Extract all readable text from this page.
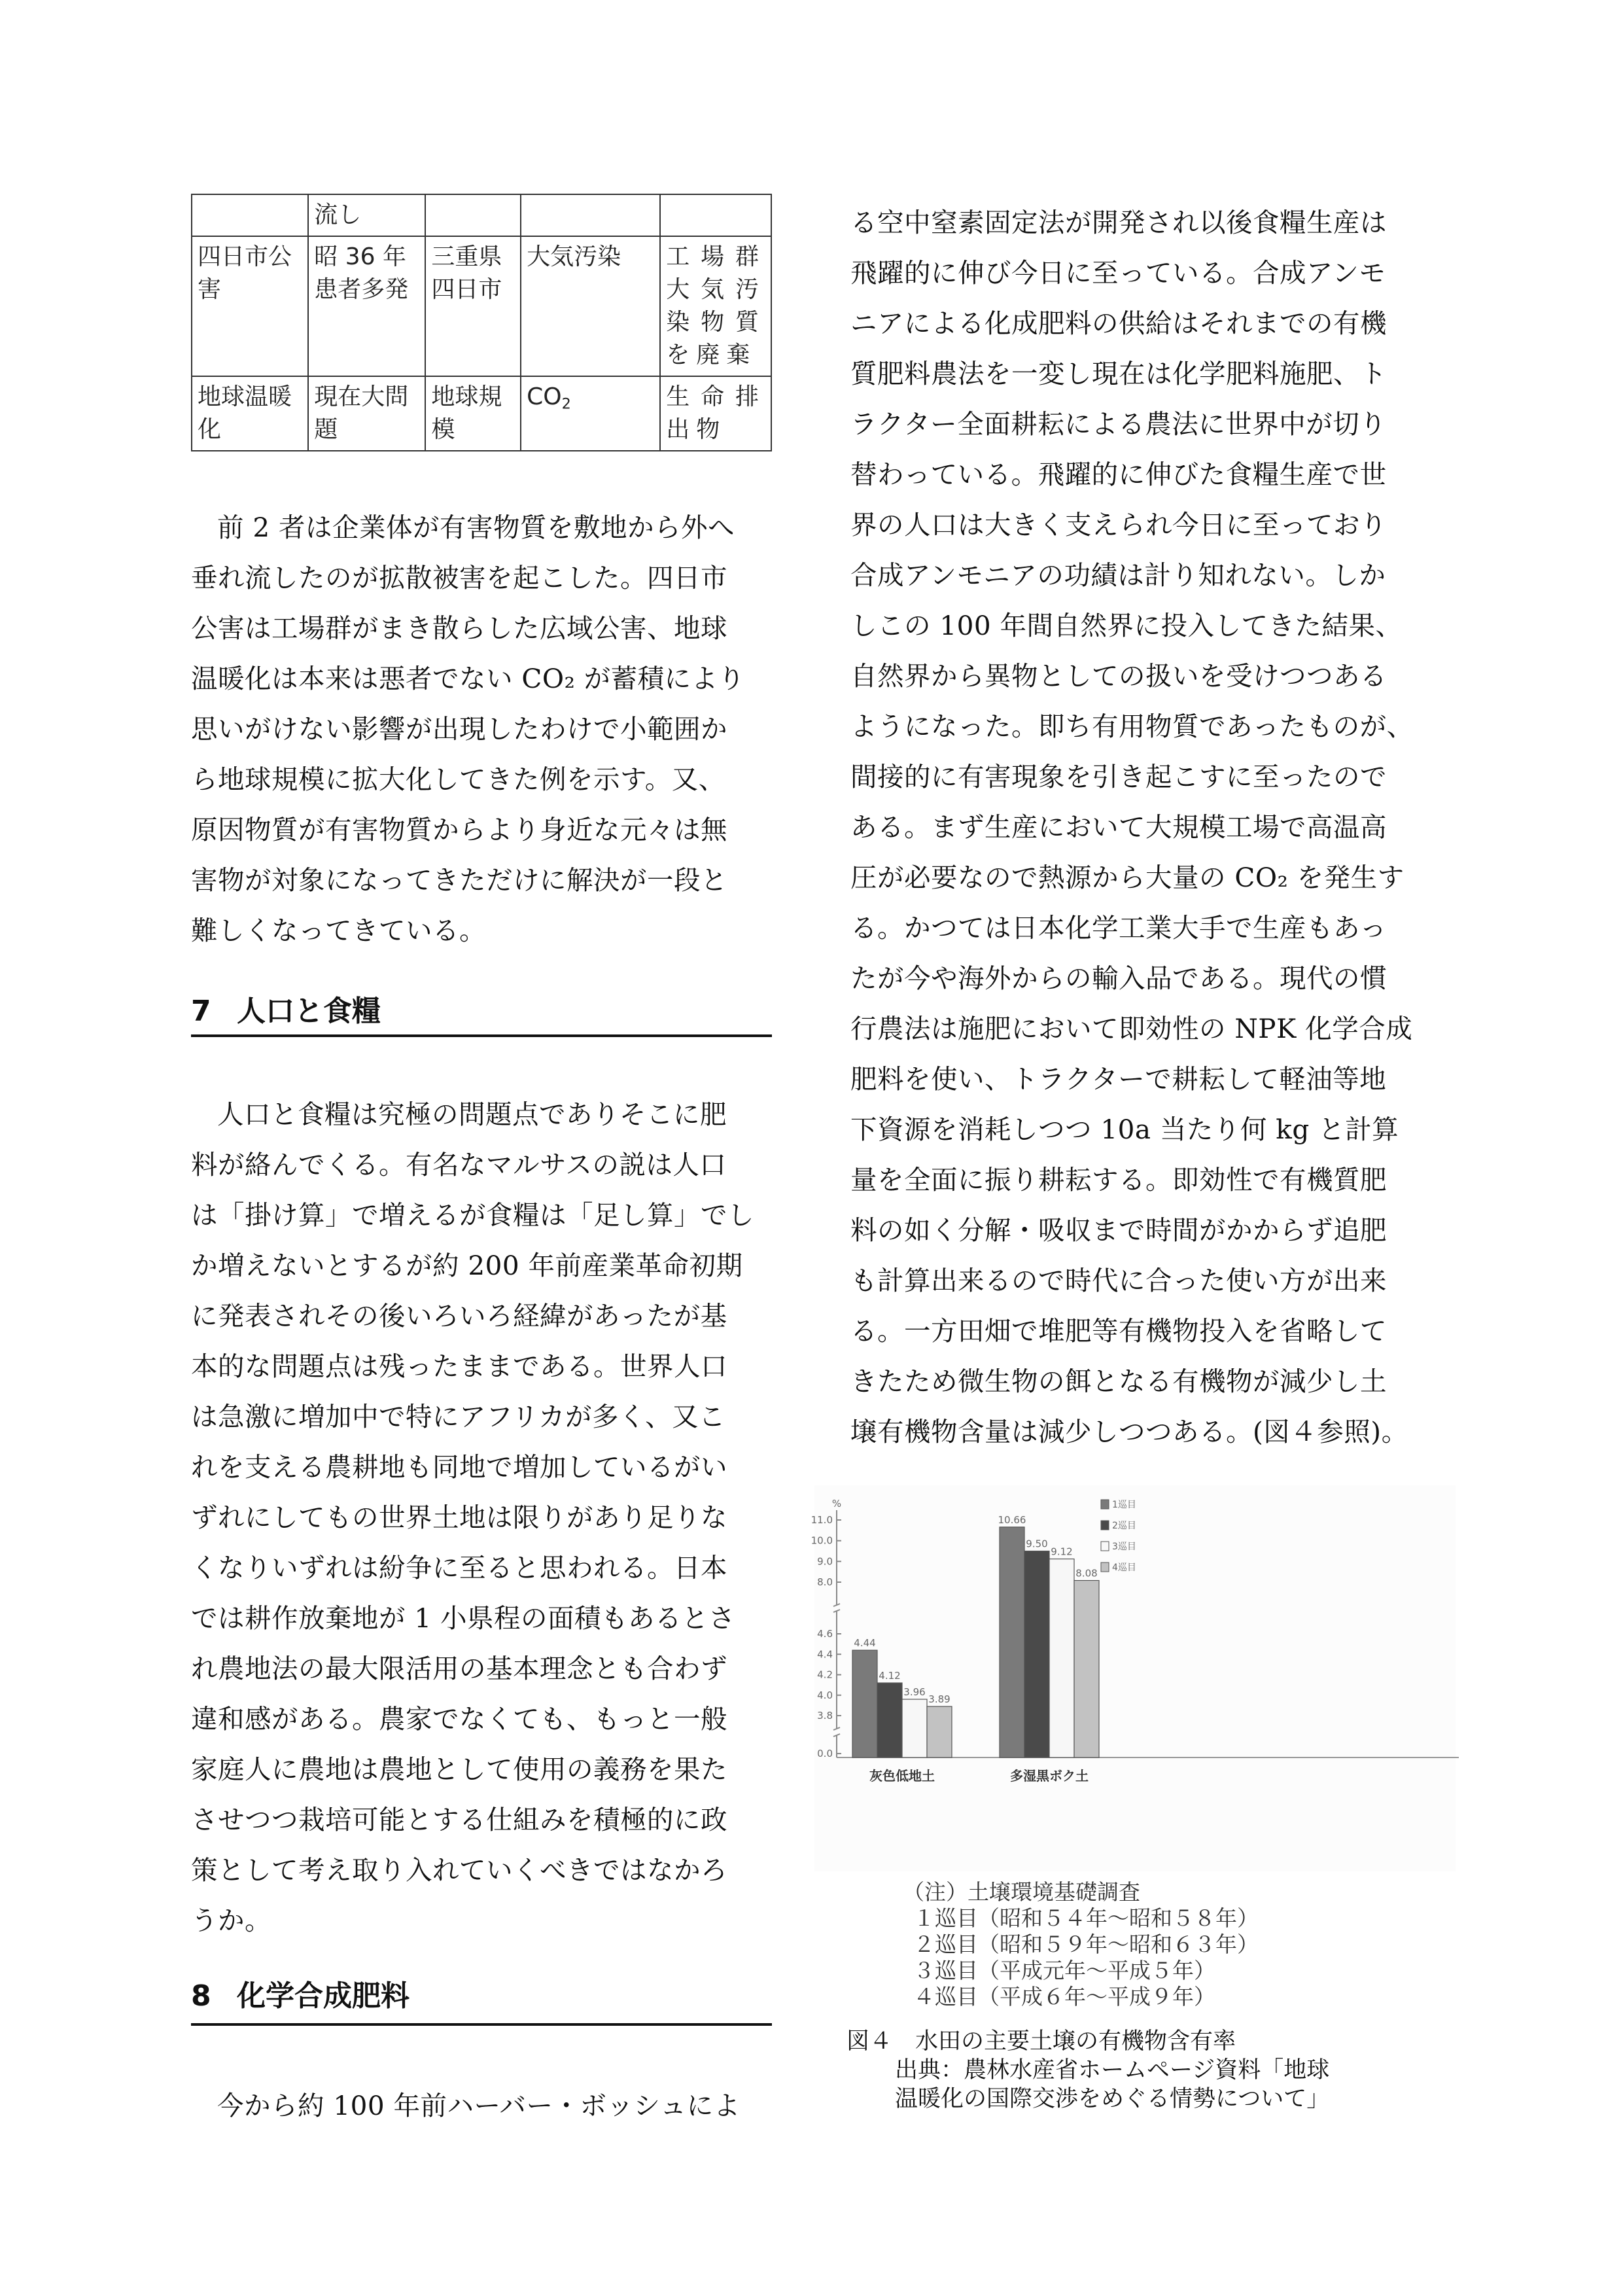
	流し			
四日市公害	昭 36 年患者多発	三重県四日市	大気汚染	工場群大気汚染物質を廃棄
地球温暖化	現在大問題	地球規模	$CO_2$	生命排出物
前 2 者は企業体が有害物質を敷地から外へ
垂れ流したのが拡散被害を起こした。四日市
公害は工場群がまき散らした広域公害、地球
温暖化は本来は悪者でない CO₂ が蓄積により
思いがけない影響が出現したわけで小範囲か
ら地球規模に拡大化してきた例を示す。又、
原因物質が有害物質からより身近な元々は無
害物が対象になってきただけに解決が一段と
難しくなってきている。
7 人口と食糧
人口と食糧は究極の問題点でありそこに肥
料が絡んでくる。有名なマルサスの説は人口
は「掛け算」で増えるが食糧は「足し算」でし
か増えないとするが約 200 年前産業革命初期
に発表されその後いろいろ経緯があったが基
本的な問題点は残ったままである。世界人口
は急激に増加中で特にアフリカが多く、又こ
れを支える農耕地も同地で増加しているがい
ずれにしてもの世界土地は限りがあり足りな
くなりいずれは紛争に至ると思われる。日本
では耕作放棄地が 1 小県程の面積もあるとさ
れ農地法の最大限活用の基本理念とも合わず
違和感がある。農家でなくても、もっと一般
家庭人に農地は農地として使用の義務を果た
させつつ栽培可能とする仕組みを積極的に政
策として考え取り入れていくべきではなかろ
うか。
8 化学合成肥料
今から約 100 年前ハーバー・ボッシュによ
る空中窒素固定法が開発され以後食糧生産は
飛躍的に伸び今日に至っている。合成アンモ
ニアによる化成肥料の供給はそれまでの有機
質肥料農法を一変し現在は化学肥料施肥、ト
ラクター全面耕耘による農法に世界中が切り
替わっている。飛躍的に伸びた食糧生産で世
界の人口は大きく支えられ今日に至っており
合成アンモニアの功績は計り知れない。しか
しこの 100 年間自然界に投入してきた結果、
自然界から異物としての扱いを受けつつある
ようになった。即ち有用物質であったものが、
間接的に有害現象を引き起こすに至ったので
ある。まず生産において大規模工場で高温高
圧が必要なので熱源から大量の CO₂ を発生す
る。かつては日本化学工業大手で生産もあっ
たが今や海外からの輸入品である。現代の慣
行農法は施肥において即効性の NPK 化学合成
肥料を使い、トラクターで耕耘して軽油等地
下資源を消耗しつつ 10a 当たり何 kg と計算
量を全面に振り耕耘する。即効性で有機質肥
料の如く分解・吸収まで時間がかからず追肥
も計算出来るので時代に合った使い方が出来
る。一方田畑で堆肥等有機物投入を省略して
きたため微生物の餌となる有機物が減少し土
壌有機物含量は減少しつつある。(図４参照)。
%
0.0
3.8
4.0
4.2
4.4
4.6
8.0
9.0
10.0
11.0
4.44
10.66
4.12
9.50
3.96
9.12
3.89
8.08
灰色低地土	多湿黒ボク土
1巡目
2巡目
3巡目
4巡目
（注）土壌環境基礎調査
１巡目（昭和５４年～昭和５８年）
２巡目（昭和５９年～昭和６３年）
３巡目（平成元年～平成５年）
４巡目（平成６年～平成９年）
図４　水田の主要土壌の有機物含有率
出典：農林水産省ホームページ資料「地球
温暖化の国際交渉をめぐる情勢について」
